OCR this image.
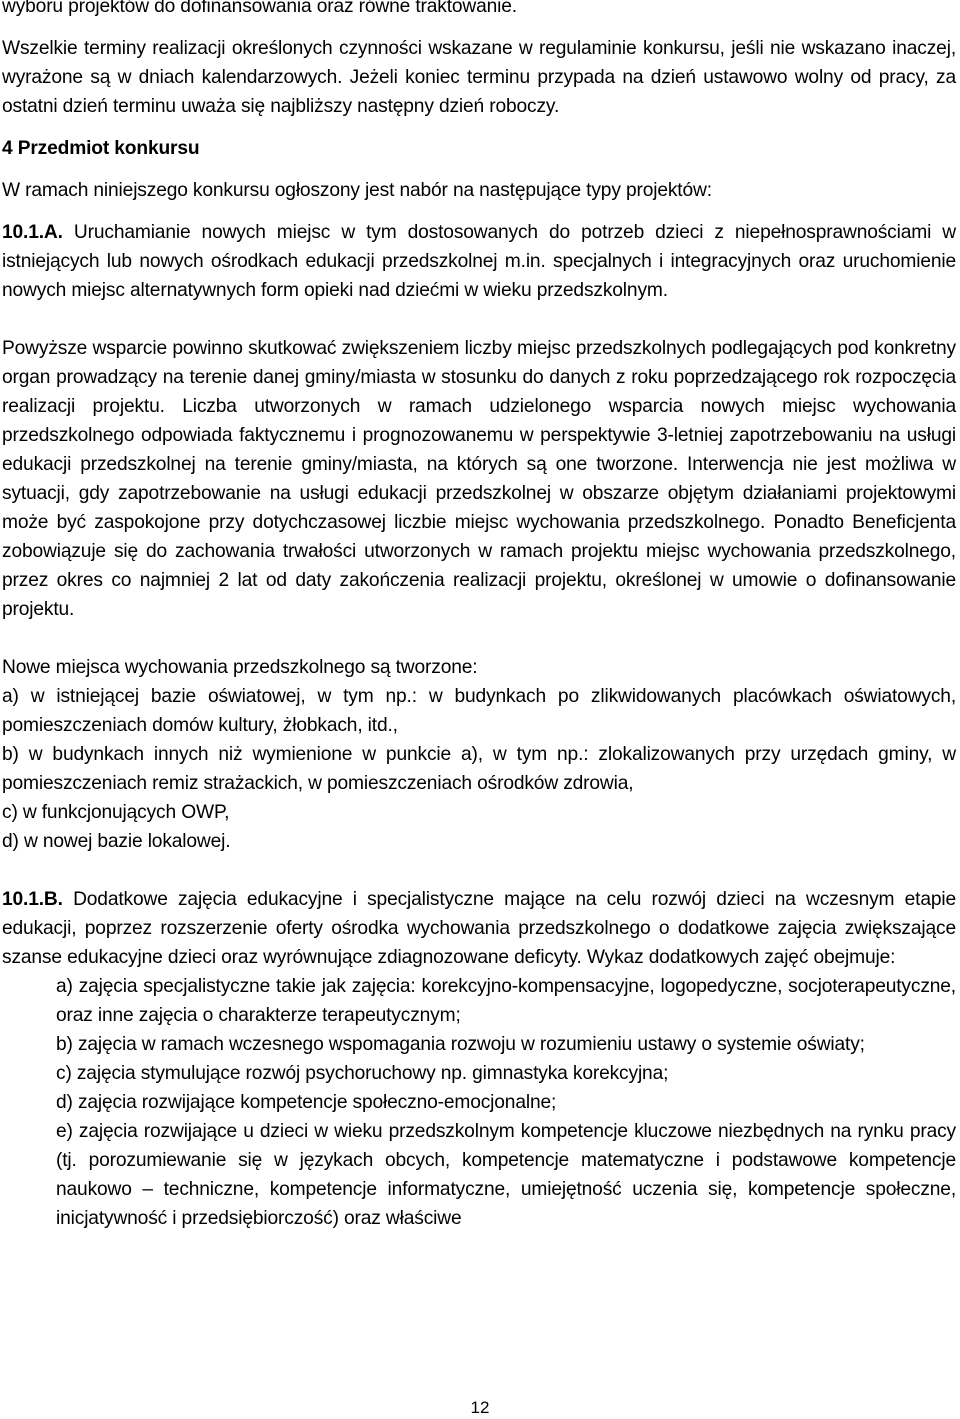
wyboru projektów do dofinansowania oraz równe traktowanie.

Wszelkie terminy realizacji określonych czynności wskazane w regulaminie konkursu, jeśli nie wskazano inaczej, wyrażone są w dniach kalendarzowych. Jeżeli koniec terminu przypada na dzień ustawowo wolny od pracy, za ostatni dzień terminu uważa się najbliższy następny dzień roboczy.

4 Przedmiot konkursu

W ramach niniejszego konkursu ogłoszony jest nabór na następujące typy projektów:

10.1.A. Uruchamianie nowych miejsc w tym dostosowanych do potrzeb dzieci z niepełnosprawnościami w istniejących lub nowych ośrodkach edukacji przedszkolnej m.in. specjalnych i integracyjnych oraz uruchomienie nowych miejsc alternatywnych form opieki nad dziećmi w wieku przedszkolnym.

Powyższe wsparcie powinno skutkować zwiększeniem liczby miejsc przedszkolnych podlegających pod konkretny organ prowadzący na terenie danej gminy/miasta w stosunku do danych z roku poprzedzającego rok rozpoczęcia realizacji projektu. Liczba utworzonych w ramach udzielonego wsparcia nowych miejsc wychowania przedszkolnego odpowiada faktycznemu i prognozowanemu w perspektywie 3-letniej zapotrzebowaniu na usługi edukacji przedszkolnej na terenie gminy/miasta, na których są one tworzone. Interwencja nie jest możliwa w sytuacji, gdy zapotrzebowanie na usługi edukacji przedszkolnej w obszarze objętym działaniami projektowymi może być zaspokojone przy dotychczasowej liczbie miejsc wychowania przedszkolnego. Ponadto Beneficjenta zobowiązuje się do zachowania trwałości utworzonych w ramach projektu miejsc wychowania przedszkolnego, przez okres co najmniej 2 lat od daty zakończenia realizacji projektu, określonej w umowie o dofinansowanie projektu.

Nowe miejsca wychowania przedszkolnego są tworzone:

a) w istniejącej bazie oświatowej, w tym np.: w budynkach po zlikwidowanych placówkach oświatowych, pomieszczeniach domów kultury, żłobkach, itd.,

b) w budynkach innych niż wymienione w punkcie a), w tym np.: zlokalizowanych przy urzędach gminy, w pomieszczeniach remiz strażackich, w pomieszczeniach ośrodków zdrowia,

c) w funkcjonujących OWP,

d) w nowej bazie lokalowej.

10.1.B. Dodatkowe zajęcia edukacyjne i specjalistyczne mające na celu rozwój dzieci na wczesnym etapie edukacji, poprzez rozszerzenie oferty ośrodka wychowania przedszkolnego o dodatkowe zajęcia zwiększające szanse edukacyjne dzieci oraz wyrównujące zdiagnozowane deficyty. Wykaz dodatkowych zajęć obejmuje:

a) zajęcia specjalistyczne takie jak zajęcia: korekcyjno-kompensacyjne, logopedyczne, socjoterapeutyczne, oraz inne zajęcia o charakterze terapeutycznym;

b) zajęcia w ramach wczesnego wspomagania rozwoju w rozumieniu ustawy o systemie oświaty;

c) zajęcia stymulujące rozwój psychoruchowy np. gimnastyka korekcyjna;

d) zajęcia rozwijające kompetencje społeczno-emocjonalne;

e) zajęcia rozwijające u dzieci w wieku przedszkolnym kompetencje kluczowe niezbędnych na rynku pracy (tj. porozumiewanie się w językach obcych, kompetencje matematyczne i podstawowe kompetencje naukowo – techniczne, kompetencje informatyczne, umiejętność uczenia się, kompetencje społeczne, inicjatywność i przedsiębiorczość) oraz właściwe

12
